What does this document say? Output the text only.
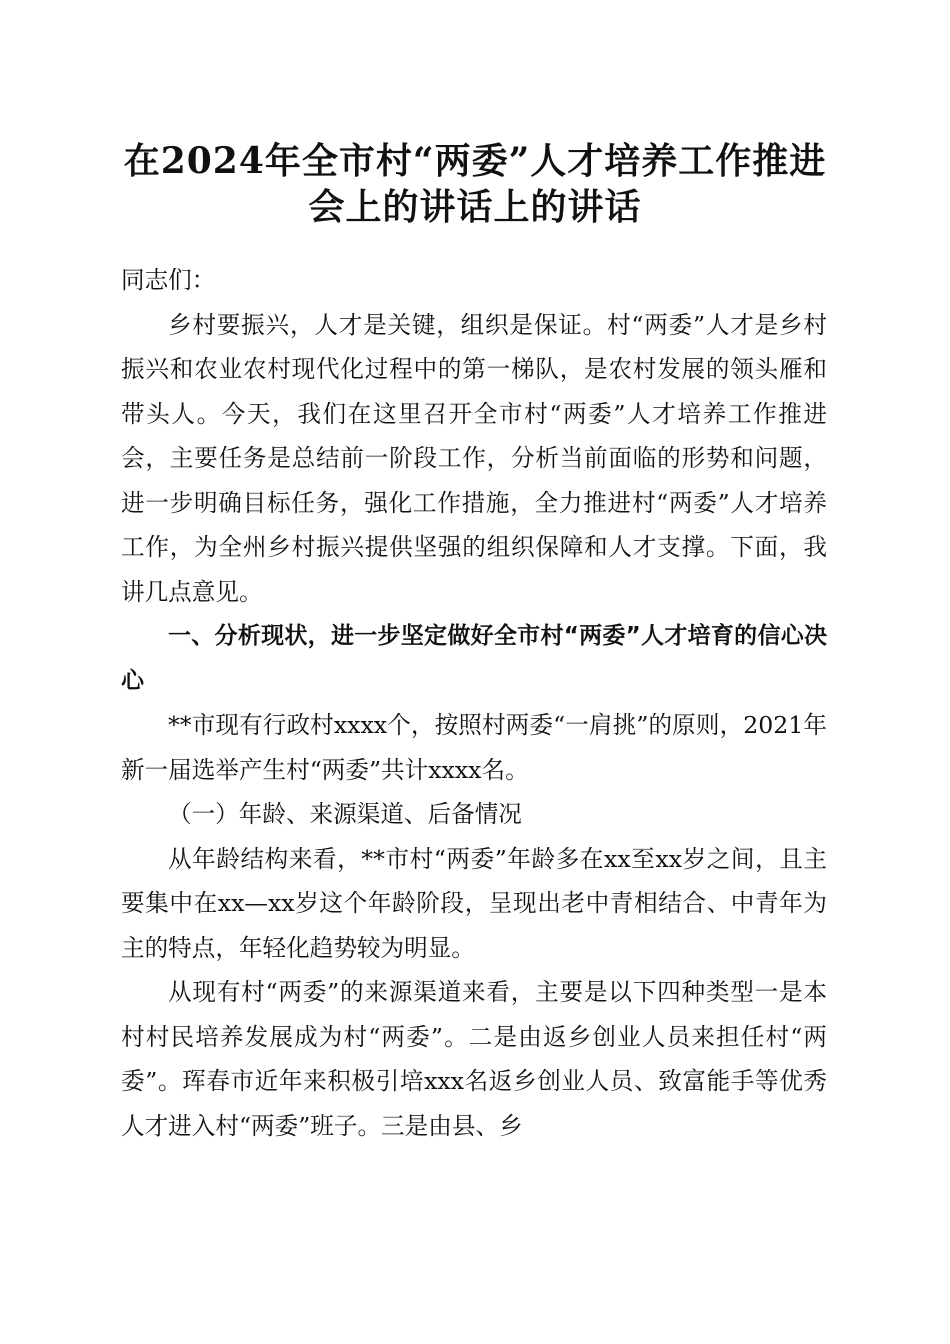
在2024年全市村“两委”人才培养工作推进
会上的讲话上的讲话

同志们：

乡村要振兴，人才是关键，组织是保证。村“两委”人才是乡村振兴和农业农村现代化过程中的第一梯队，是农村发展的领头雁和带头人。今天，我们在这里召开全市村“两委”人才培养工作推进会，主要任务是总结前一阶段工作，分析当前面临的形势和问题，进一步明确目标任务，强化工作措施，全力推进村“两委”人才培养工作，为全州乡村振兴提供坚强的组织保障和人才支撑。下面，我讲几点意见。

一、分析现状，进一步坚定做好全市村“两委”人才培育的信心决心

**市现有行政村xxxx个，按照村两委“一肩挑”的原则，2021年新一届选举产生村“两委”共计xxxx名。

（一）年龄、来源渠道、后备情况

从年龄结构来看，**市村“两委”年龄多在xx至xx岁之间，且主要集中在xx—xx岁这个年龄阶段，呈现出老中青相结合、中青年为主的特点，年轻化趋势较为明显。

从现有村“两委”的来源渠道来看，主要是以下四种类型一是本村村民培养发展成为村“两委”。二是由返乡创业人员来担任村“两委”。珲春市近年来积极引培xxx名返乡创业人员、致富能手等优秀人才进入村“两委”班子。三是由县、乡
